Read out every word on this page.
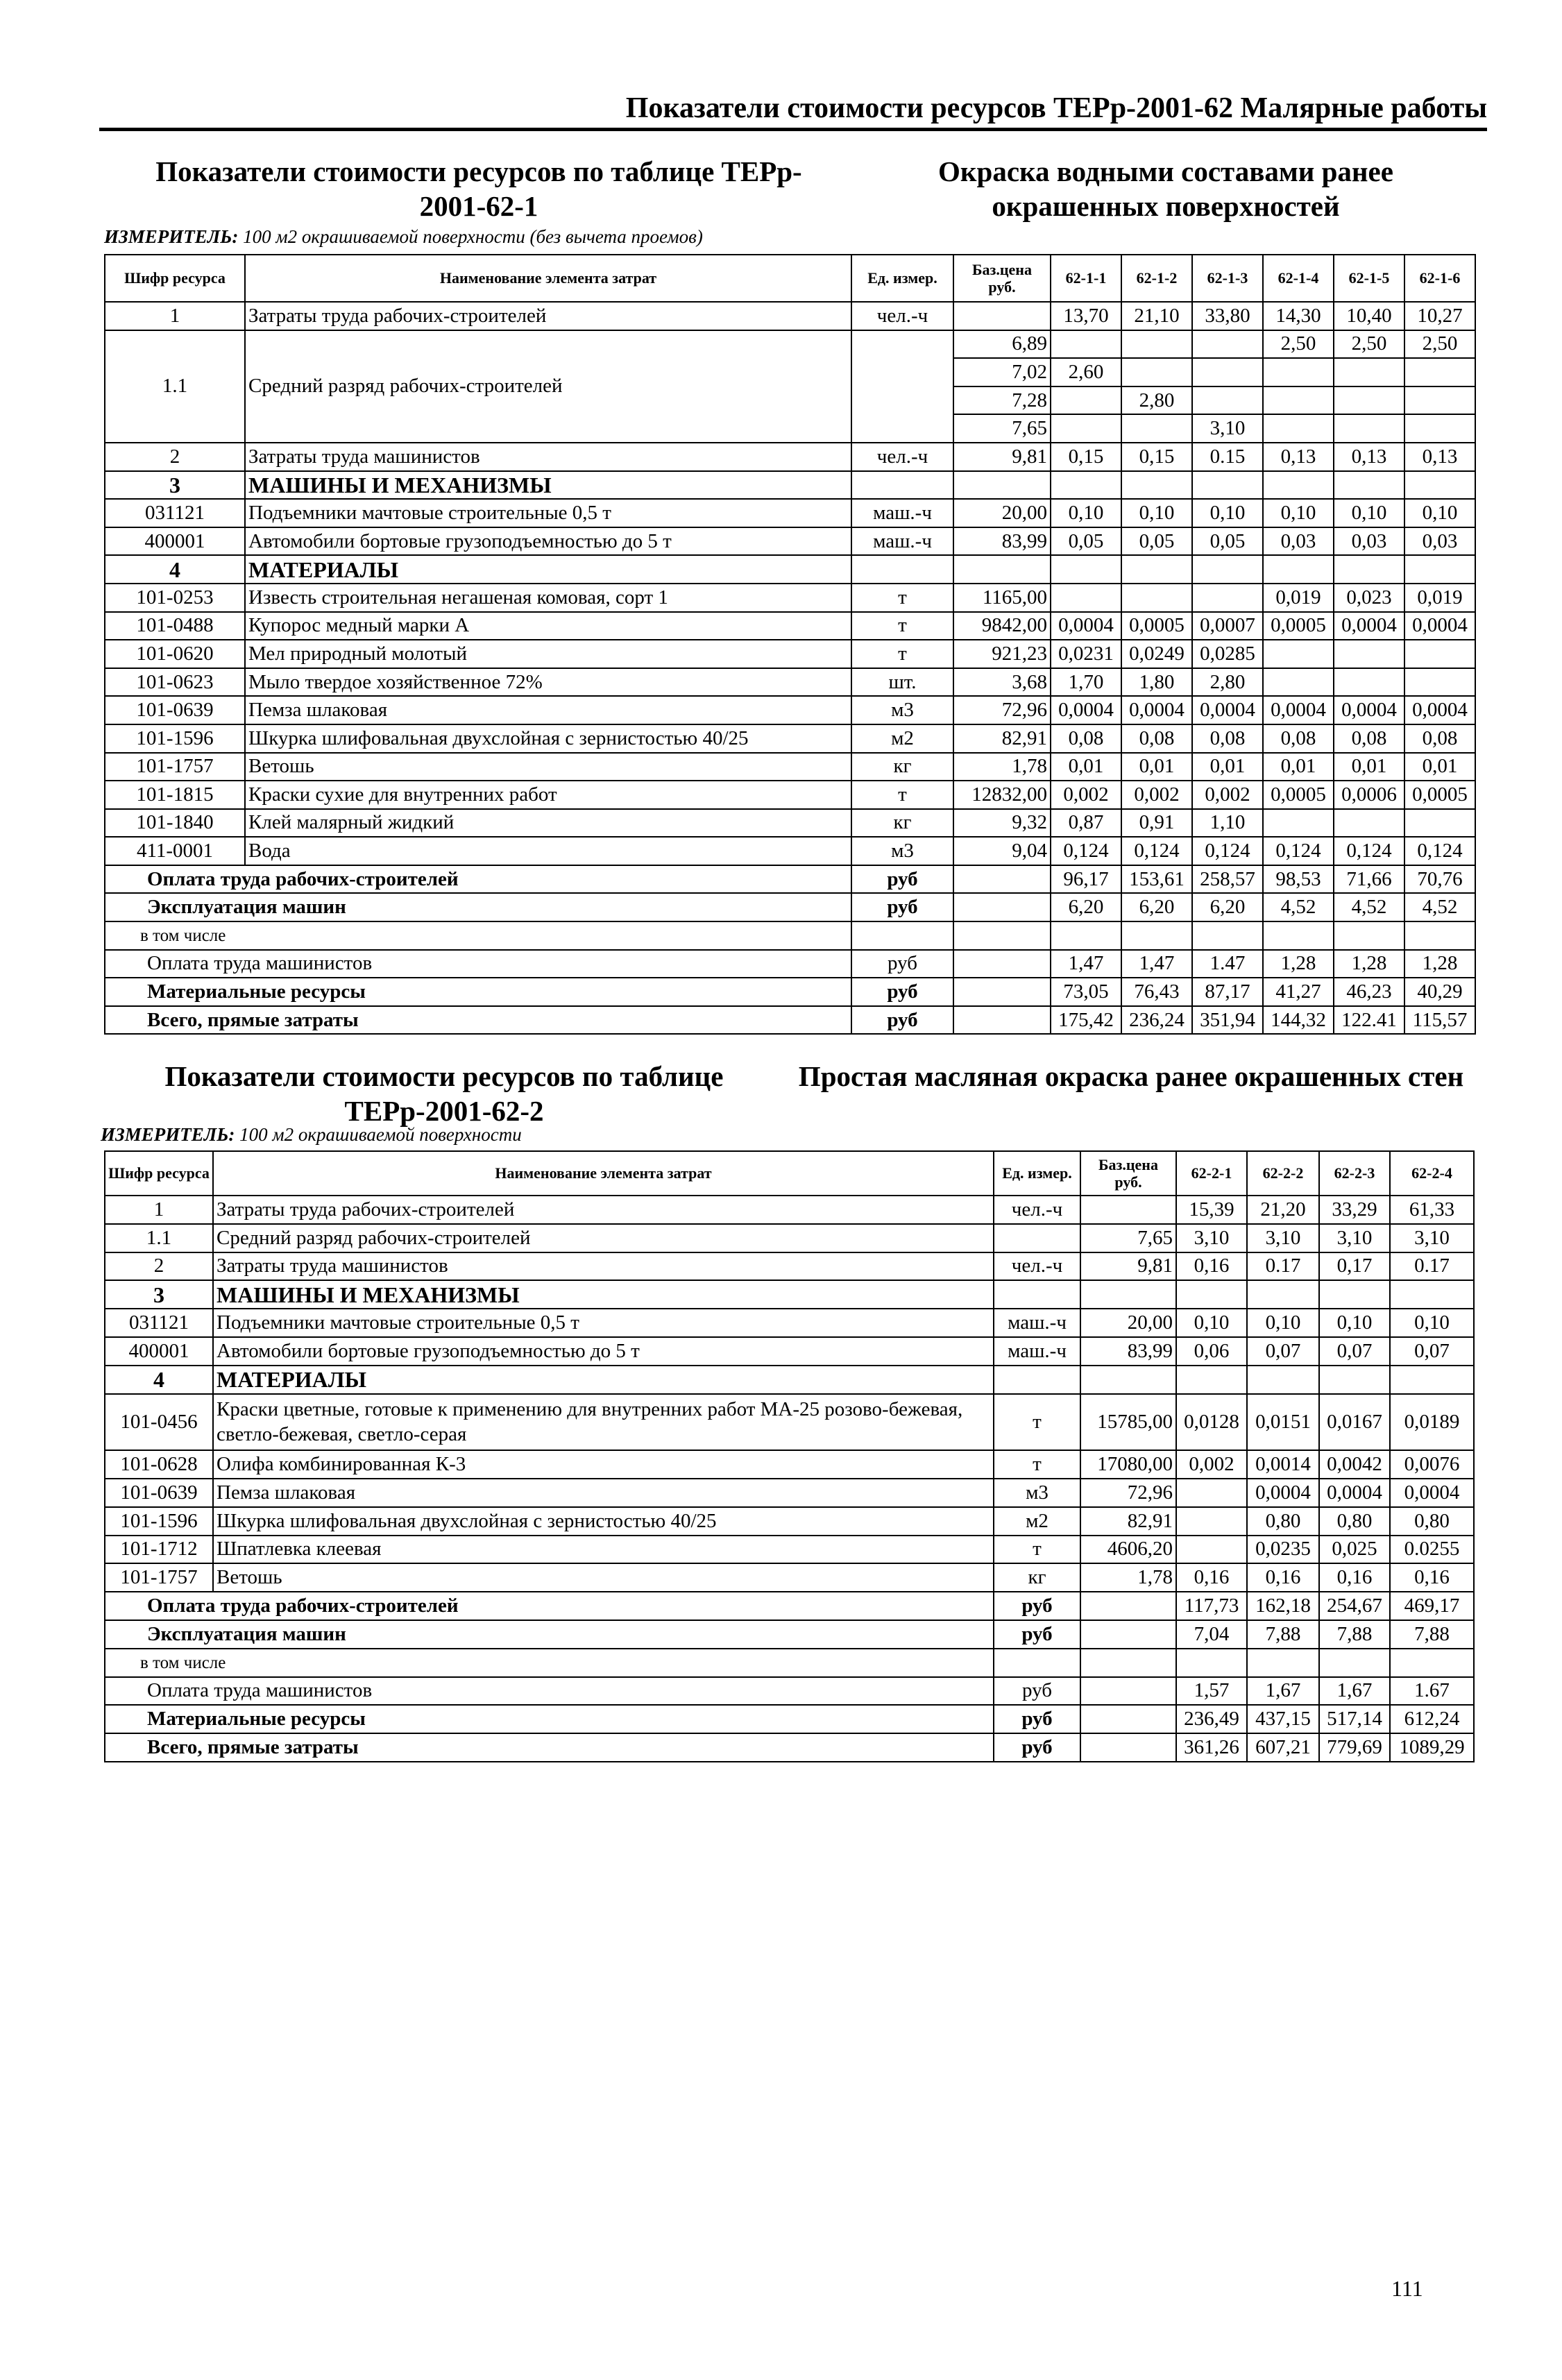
Показатели стоимости ресурсов ТЕРр-2001-62 Малярные работы
Показатели стоимости ресурсов по таблице ТЕРр-
2001-62-1
Окраска водными составами ранее
окрашенных поверхностей
ИЗМЕРИТЕЛЬ: 100 м2 окрашиваемой поверхности (без вычета проемов)
Шифр ресурса	Наименование элемента затрат	Ед. измер.	Баз.цена руб.	62-1-1	62-1-2	62-1-3	62-1-4	62-1-5	62-1-6
1	Затраты труда рабочих-строителей	чел.-ч		13,70	21,10	33,80	14,30	10,40	10,27
1.1	Средний разряд рабочих-строителей		6,89				2,50	2,50	2,50
			7,02	2,60					
			7,28		2,80				
			7,65			3,10			
2	Затраты труда машинистов	чел.-ч	9,81	0,15	0,15	0.15	0,13	0,13	0,13
3	МАШИНЫ И МЕХАНИЗМЫ								
031121	Подъемники мачтовые строительные 0,5 т	маш.-ч	20,00	0,10	0,10	0,10	0,10	0,10	0,10
400001	Автомобили бортовые грузоподъемностью до 5 т	маш.-ч	83,99	0,05	0,05	0,05	0,03	0,03	0,03
4	МАТЕРИАЛЫ								
101-0253	Известь строительная негашеная комовая, сорт 1	т	1165,00				0,019	0,023	0,019
101-0488	Купорос медный марки А	т	9842,00	0,0004	0,0005	0,0007	0,0005	0,0004	0,0004
101-0620	Мел природный молотый	т	921,23	0,0231	0,0249	0,0285			
101-0623	Мыло твердое хозяйственное 72%	шт.	3,68	1,70	1,80	2,80			
101-0639	Пемза шлаковая	м3	72,96	0,0004	0,0004	0,0004	0,0004	0,0004	0,0004
101-1596	Шкурка шлифовальная двухслойная с зернистостью 40/25	м2	82,91	0,08	0,08	0,08	0,08	0,08	0,08
101-1757	Ветошь	кг	1,78	0,01	0,01	0,01	0,01	0,01	0,01
101-1815	Краски сухие для внутренних работ	т	12832,00	0,002	0,002	0,002	0,0005	0,0006	0,0005
101-1840	Клей малярный жидкий	кг	9,32	0,87	0,91	1,10			
411-0001	Вода	м3	9,04	0,124	0,124	0,124	0,124	0,124	0,124
Оплата труда рабочих-строителей		руб		96,17	153,61	258,57	98,53	71,66	70,76
Эксплуатация машин		руб		6,20	6,20	6,20	4,52	4,52	4,52
в том числе									
Оплата труда машинистов		руб		1,47	1,47	1.47	1,28	1,28	1,28
Материальные ресурсы		руб		73,05	76,43	87,17	41,27	46,23	40,29
Всего, прямые затраты		руб		175,42	236,24	351,94	144,32	122.41	115,57
Показатели стоимости ресурсов по таблице
ТЕРр-2001-62-2
Простая масляная окраска ранее окрашенных стен
ИЗМЕРИТЕЛЬ: 100 м2 окрашиваемой поверхности
Шифр ресурса	Наименование элемента затрат	Ед. измер.	Баз.цена руб.	62-2-1	62-2-2	62-2-3	62-2-4
1	Затраты труда рабочих-строителей	чел.-ч		15,39	21,20	33,29	61,33
1.1	Средний разряд рабочих-строителей		7,65	3,10	3,10	3,10	3,10
2	Затраты труда машинистов	чел.-ч	9,81	0,16	0.17	0,17	0.17
3	МАШИНЫ И МЕХАНИЗМЫ						
031121	Подъемники мачтовые строительные 0,5 т	маш.-ч	20,00	0,10	0,10	0,10	0,10
400001	Автомобили бортовые грузоподъемностью до 5 т	маш.-ч	83,99	0,06	0,07	0,07	0,07
4	МАТЕРИАЛЫ						
101-0456	Краски цветные, готовые к применению для внутренних работ МА-25 розово-бежевая, светло-бежевая, светло-серая	т	15785,00	0,0128	0,0151	0,0167	0,0189
101-0628	Олифа комбинированная К-3	т	17080,00	0,002	0,0014	0,0042	0,0076
101-0639	Пемза шлаковая	м3	72,96		0,0004	0,0004	0,0004
101-1596	Шкурка шлифовальная двухслойная с зернистостью 40/25	м2	82,91		0,80	0,80	0,80
101-1712	Шпатлевка клеевая	т	4606,20		0,0235	0,025	0.0255
101-1757	Ветошь	кг	1,78	0,16	0,16	0,16	0,16
Оплата труда рабочих-строителей		руб		117,73	162,18	254,67	469,17
Эксплуатация машин		руб		7,04	7,88	7,88	7,88
в том числе							
Оплата труда машинистов		руб		1,57	1,67	1,67	1.67
Материальные ресурсы		руб		236,49	437,15	517,14	612,24
Всего, прямые затраты		руб		361,26	607,21	779,69	1089,29
111
